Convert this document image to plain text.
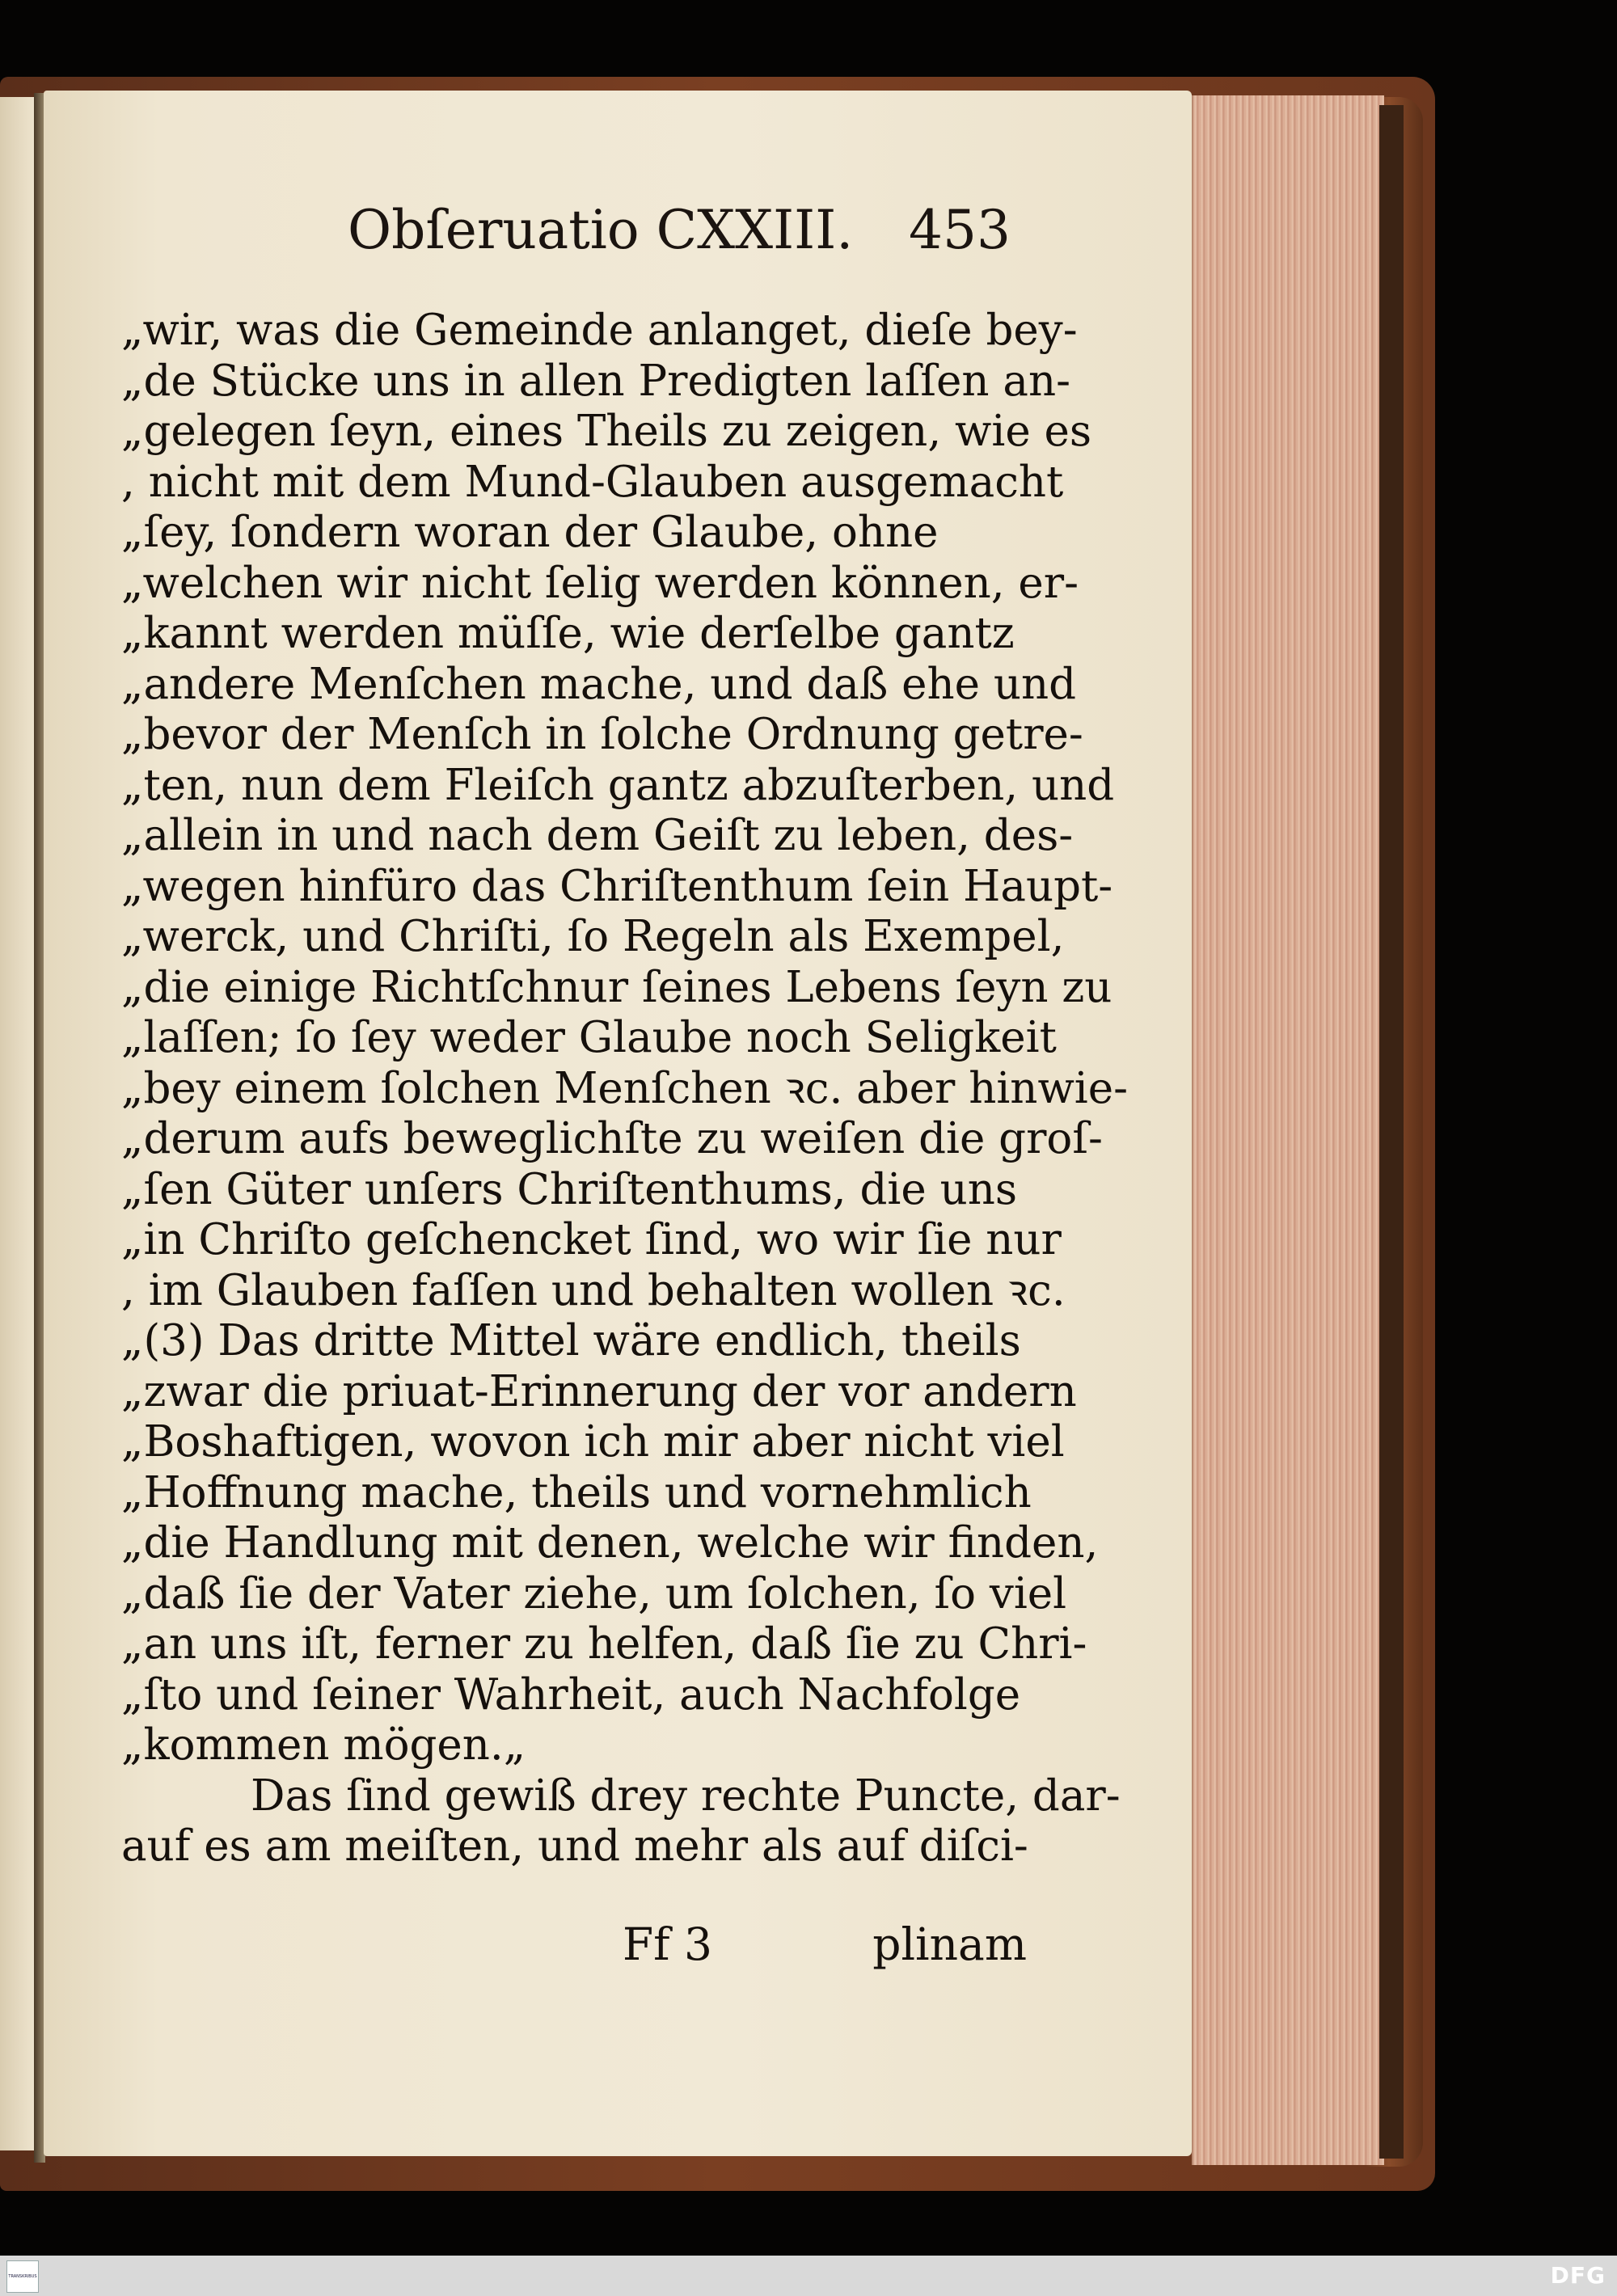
Obſeruatio CXXIII. 453
„wir, was die Gemeinde anlanget, dieſe bey-
„de Stücke uns in allen Predigten laſſen an-
„gelegen ſeyn, eines Theils zu zeigen, wie es
, nicht mit dem Mund-Glauben ausgemacht
„ſey, ſondern woran der Glaube, ohne
„welchen wir nicht ſelig werden können, er-
„kannt werden müſſe, wie derſelbe gantz
„andere Menſchen mache, und daß ehe und
„bevor der Menſch in ſolche Ordnung getre-
„ten, nun dem Fleiſch gantz abzuſterben, und
„allein in und nach dem Geiſt zu leben, des-
„wegen hinfüro das Chriſtenthum ſein Haupt-
„werck, und Chriſti, ſo Regeln als Exempel,
„die einige Richtſchnur ſeines Lebens ſeyn zu
„laſſen; ſo ſey weder Glaube noch Seligkeit
„bey einem ſolchen Menſchen ꝛc. aber hinwie-
„derum aufs beweglichſte zu weiſen die groſ-
„ſen Güter unſers Chriſtenthums, die uns
„in Chriſto geſchencket ſind, wo wir ſie nur
, im Glauben faſſen und behalten wollen ꝛc.
„(3) Das dritte Mittel wäre endlich, theils
„zwar die priuat-Erinnerung der vor andern
„Boshaftigen, wovon ich mir aber nicht viel
„Hoffnung mache, theils und vornehmlich
„die Handlung mit denen, welche wir finden,
„daß ſie der Vater ziehe, um ſolchen, ſo viel
„an uns iſt, ferner zu helfen, daß ſie zu Chri-
„ſto und ſeiner Wahrheit, auch Nachfolge
„kommen mögen.„
Das ſind gewiß drey rechte Puncte, dar-
auf es am meiſten, und mehr als auf diſci-
Ff 3	plinam
TRANSKRIBUS	DFG
